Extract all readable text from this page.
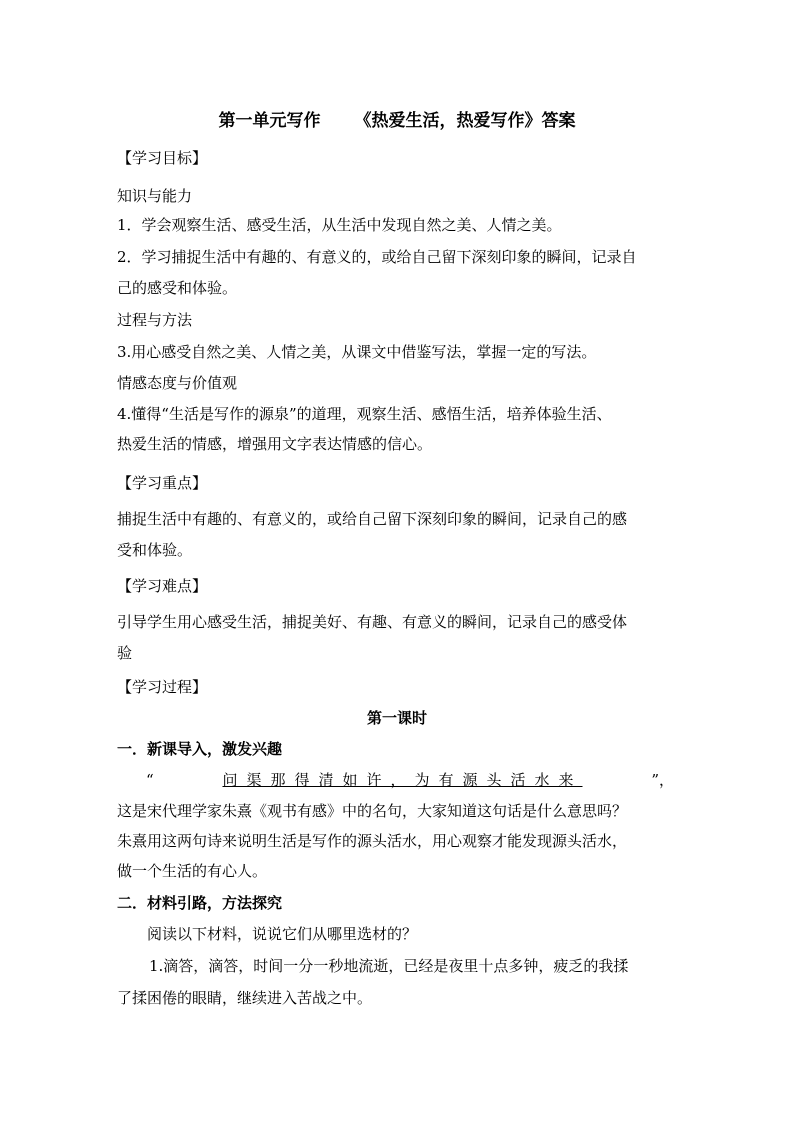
第一单元写作 《热爱生活，热爱写作》答案
【学习目标】
知识与能力
1．学会观察生活、感受生活，从生活中发现自然之美、人情之美。
2．学习捕捉生活中有趣的、有意义的，或给自己留下深刻印象的瞬间，记录自
己的感受和体验。
过程与方法
3.用心感受自然之美、人情之美，从课文中借鉴写法，掌握一定的写法。
情感态度与价值观
4.懂得“生活是写作的源泉”的道理，观察生活、感悟生活，培养体验生活、
热爱生活的情感，增强用文字表达情感的信心。
【学习重点】
捕捉生活中有趣的、有意义的，或给自己留下深刻印象的瞬间，记录自己的感
受和体验。
【学习难点】
引导学生用心感受生活，捕捉美好、有趣、有意义的瞬间，记录自己的感受体
验
【学习过程】
第一课时
一．新课导入，激发兴趣
“	问渠那得清如许，为有源头活水来	”，
这是宋代理学家朱熹《观书有感》中的名句，大家知道这句话是什么意思吗？
朱熹用这两句诗来说明生活是写作的源头活水，用心观察才能发现源头活水，
做一个生活的有心人。
二．材料引路，方法探究
阅读以下材料，说说它们从哪里选材的？
1.滴答，滴答，时间一分一秒地流逝，已经是夜里十点多钟，疲乏的我揉
了揉困倦的眼睛，继续进入苦战之中。
